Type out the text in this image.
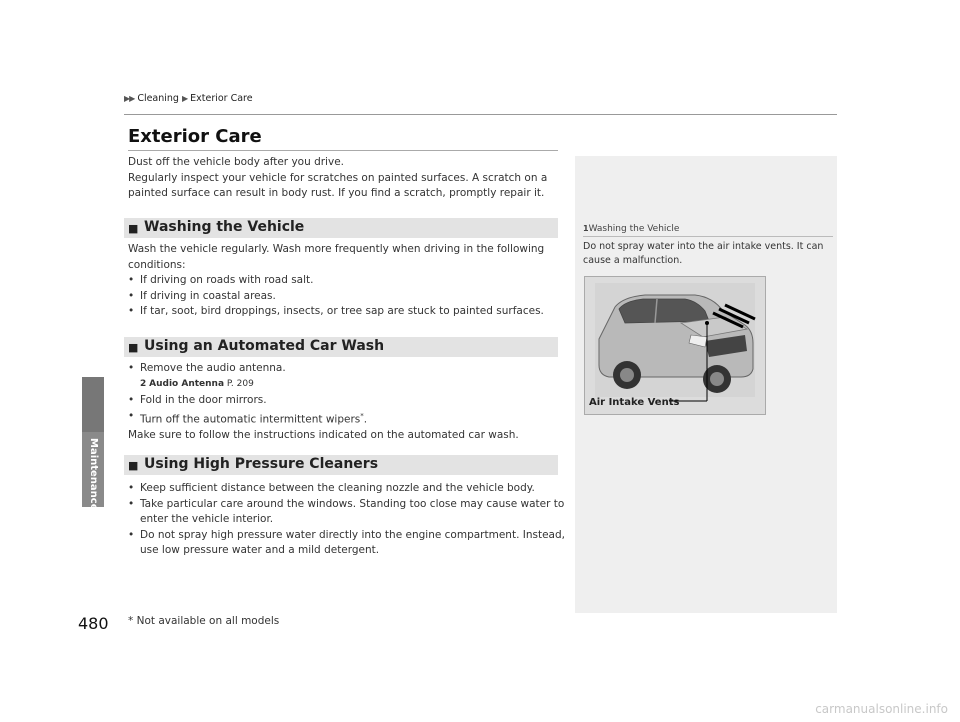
Maintenance
▶▶ Cleaning ▶ Exterior Care
Exterior Care
Dust off the vehicle body after you drive.
Regularly inspect your vehicle for scratches on painted surfaces. A scratch on a
painted surface can result in body rust. If you find a scratch, promptly repair it.
■ Washing the Vehicle
Wash the vehicle regularly. Wash more frequently when driving in the following
conditions:
• If driving on roads with road salt.
• If driving in coastal areas.
• If tar, soot, bird droppings, insects, or tree sap are stuck to painted surfaces.
■ Using an Automated Car Wash
• Remove the audio antenna.
2 Audio Antenna P. 209
• Fold in the door mirrors.
• Turn off the automatic intermittent wipers*.
Make sure to follow the instructions indicated on the automated car wash.
■ Using High Pressure Cleaners
• Keep sufficient distance between the cleaning nozzle and the vehicle body.
• Take particular care around the windows. Standing too close may cause water to
enter the vehicle interior.
• Do not spray high pressure water directly into the engine compartment. Instead,
use low pressure water and a mild detergent.
1Washing the Vehicle
Do not spray water into the air intake vents. It can
cause a malfunction.
Air Intake Vents
480 * Not available on all models
carmanualsonline.info
